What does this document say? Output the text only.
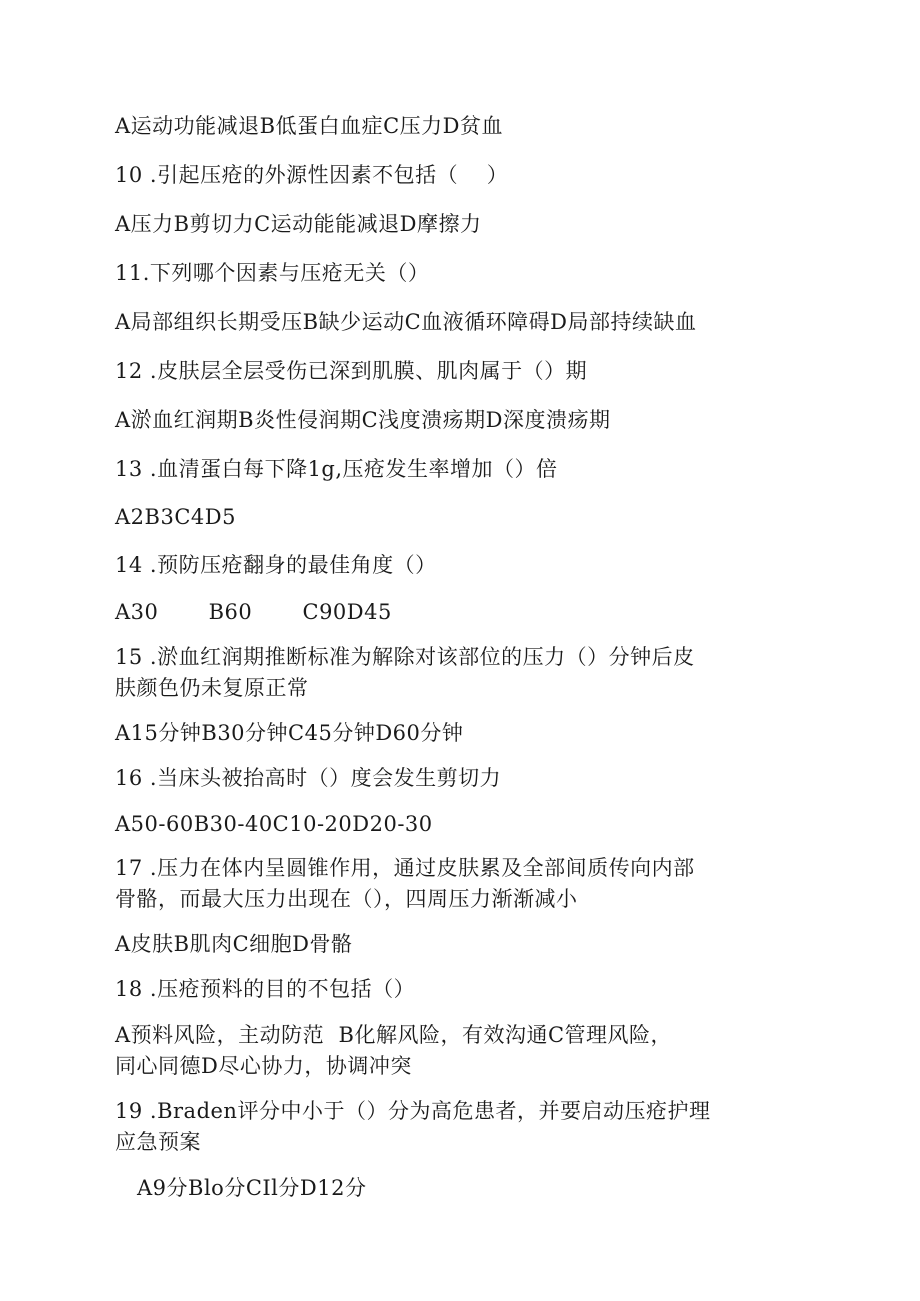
A运动功能减退B低蛋白血症C压力D贫血

10 .引起压疮的外源性因素不包括（    ）

A压力B剪切力C运动能能减退D摩擦力

11.下列哪个因素与压疮无关（）

A局部组织长期受压B缺少运动C血液循环障碍D局部持续缺血

12 .皮肤层全层受伤已深到肌膜、肌肉属于（）期

A淤血红润期B炎性侵润期C浅度溃疡期D深度溃疡期

13 .血清蛋白每下降1g,压疮发生率增加（）倍

A2B3C4D5

14 .预防压疮翻身的最佳角度（）

A30       B60       C90D45

15 .淤血红润期推断标准为解除对该部位的压力（）分钟后皮

肤颜色仍未复原正常

A15分钟B30分钟C45分钟D60分钟

16 .当床头被抬高时（）度会发生剪切力

A50-60B30-40C10-20D20-30

17 .压力在体内呈圆锥作用，通过皮肤累及全部间质传向内部

骨骼，而最大压力出现在（），四周压力渐渐减小

A皮肤B肌肉C细胞D骨骼

18 .压疮预料的目的不包括（）

A预料风险，主动防范  B化解风险，有效沟通C管理风险，

同心同德D尽心协力，协调冲突

19 .Braden评分中小于（）分为高危患者，并要启动压疮护理

应急预案

A9分Blo分CIl分D12分
